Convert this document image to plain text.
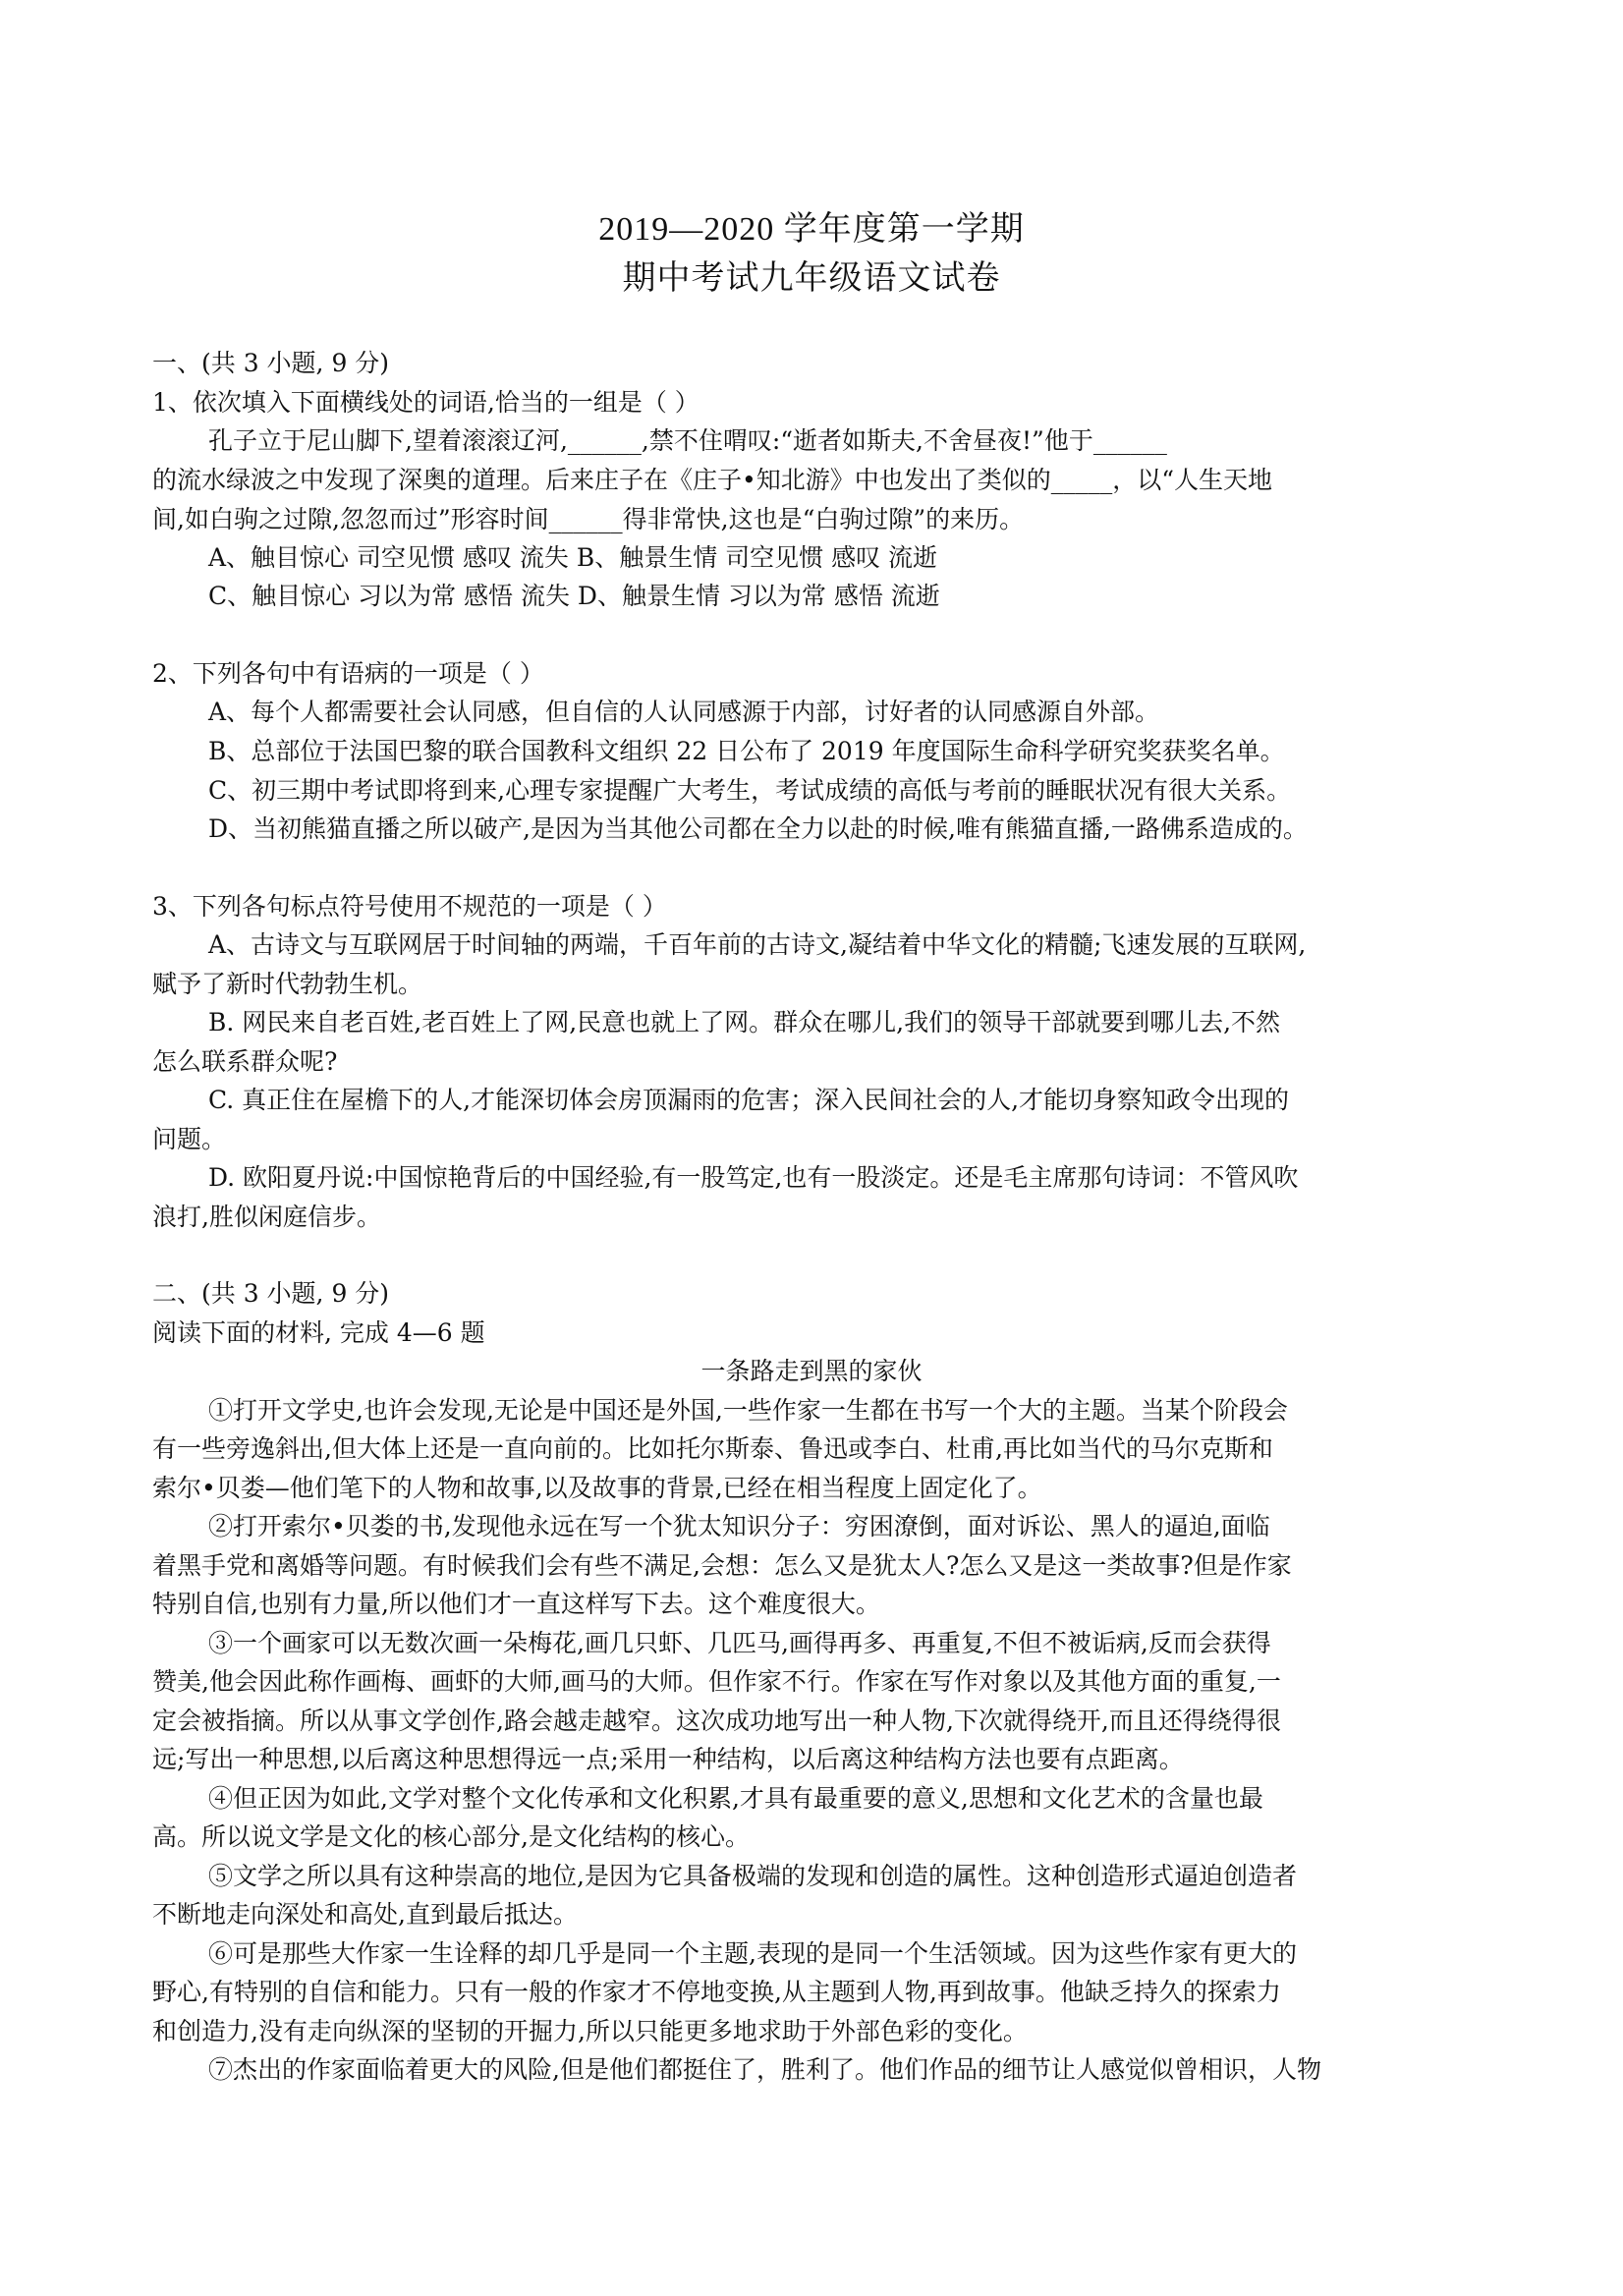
2019—2020 学年度第一学期
期中考试九年级语文试卷
一、(共 3 小题, 9 分)
1、依次填入下面横线处的词语,恰当的一组是（ ）
孔子立于尼山脚下,望着滚滚辽河,______,禁不住喟叹:“逝者如斯夫,不舍昼夜!”他于______
的流水绿波之中发现了深奥的道理。后来庄子在《庄子•知北游》中也发出了类似的_____，以“人生天地
间,如白驹之过隙,忽忽而过”形容时间______得非常快,这也是“白驹过隙”的来历。
A、触目惊心 司空见惯 感叹 流失 B、触景生情 司空见惯 感叹 流逝
C、触目惊心 习以为常 感悟 流失 D、触景生情 习以为常 感悟 流逝
2、下列各句中有语病的一项是（ ）
A、每个人都需要社会认同感，但自信的人认同感源于内部，讨好者的认同感源自外部。
B、总部位于法国巴黎的联合国教科文组织 22 日公布了 2019 年度国际生命科学研究奖获奖名单。
C、初三期中考试即将到来,心理专家提醒广大考生，考试成绩的高低与考前的睡眠状况有很大关系。
D、当初熊猫直播之所以破产,是因为当其他公司都在全力以赴的时候,唯有熊猫直播,一路佛系造成的。
3、下列各句标点符号使用不规范的一项是（ ）
A、古诗文与互联网居于时间轴的两端，千百年前的古诗文,凝结着中华文化的精髓;飞速发展的互联网,
赋予了新时代勃勃生机。
B. 网民来自老百姓,老百姓上了网,民意也就上了网。群众在哪儿,我们的领导干部就要到哪儿去,不然
怎么联系群众呢?
C. 真正住在屋檐下的人,才能深切体会房顶漏雨的危害；深入民间社会的人,才能切身察知政令出现的
问题。
D. 欧阳夏丹说:中国惊艳背后的中国经验,有一股笃定,也有一股淡定。还是毛主席那句诗词：不管风吹
浪打,胜似闲庭信步。
二、(共 3 小题, 9 分)
阅读下面的材料, 完成 4—6 题
一条路走到黑的家伙
①打开文学史,也许会发现,无论是中国还是外国,一些作家一生都在书写一个大的主题。当某个阶段会
有一些旁逸斜出,但大体上还是一直向前的。比如托尔斯泰、鲁迅或李白、杜甫,再比如当代的马尔克斯和
索尔•贝娄—他们笔下的人物和故事,以及故事的背景,已经在相当程度上固定化了。
②打开索尔•贝娄的书,发现他永远在写一个犹太知识分子：穷困潦倒，面对诉讼、黑人的逼迫,面临
着黑手党和离婚等问题。有时候我们会有些不满足,会想：怎么又是犹太人?怎么又是这一类故事?但是作家
特别自信,也别有力量,所以他们才一直这样写下去。这个难度很大。
③一个画家可以无数次画一朵梅花,画几只虾、几匹马,画得再多、再重复,不但不被诟病,反而会获得
赞美,他会因此称作画梅、画虾的大师,画马的大师。但作家不行。作家在写作对象以及其他方面的重复,一
定会被指摘。所以从事文学创作,路会越走越窄。这次成功地写出一种人物,下次就得绕开,而且还得绕得很
远;写出一种思想,以后离这种思想得远一点;采用一种结构，以后离这种结构方法也要有点距离。
④但正因为如此,文学对整个文化传承和文化积累,才具有最重要的意义,思想和文化艺术的含量也最
高。所以说文学是文化的核心部分,是文化结构的核心。
⑤文学之所以具有这种崇高的地位,是因为它具备极端的发现和创造的属性。这种创造形式逼迫创造者
不断地走向深处和高处,直到最后抵达。
⑥可是那些大作家一生诠释的却几乎是同一个主题,表现的是同一个生活领域。因为这些作家有更大的
野心,有特别的自信和能力。只有一般的作家才不停地变换,从主题到人物,再到故事。他缺乏持久的探索力
和创造力,没有走向纵深的坚韧的开掘力,所以只能更多地求助于外部色彩的变化。
⑦杰出的作家面临着更大的风险,但是他们都挺住了，胜利了。他们作品的细节让人感觉似曾相识，人物
